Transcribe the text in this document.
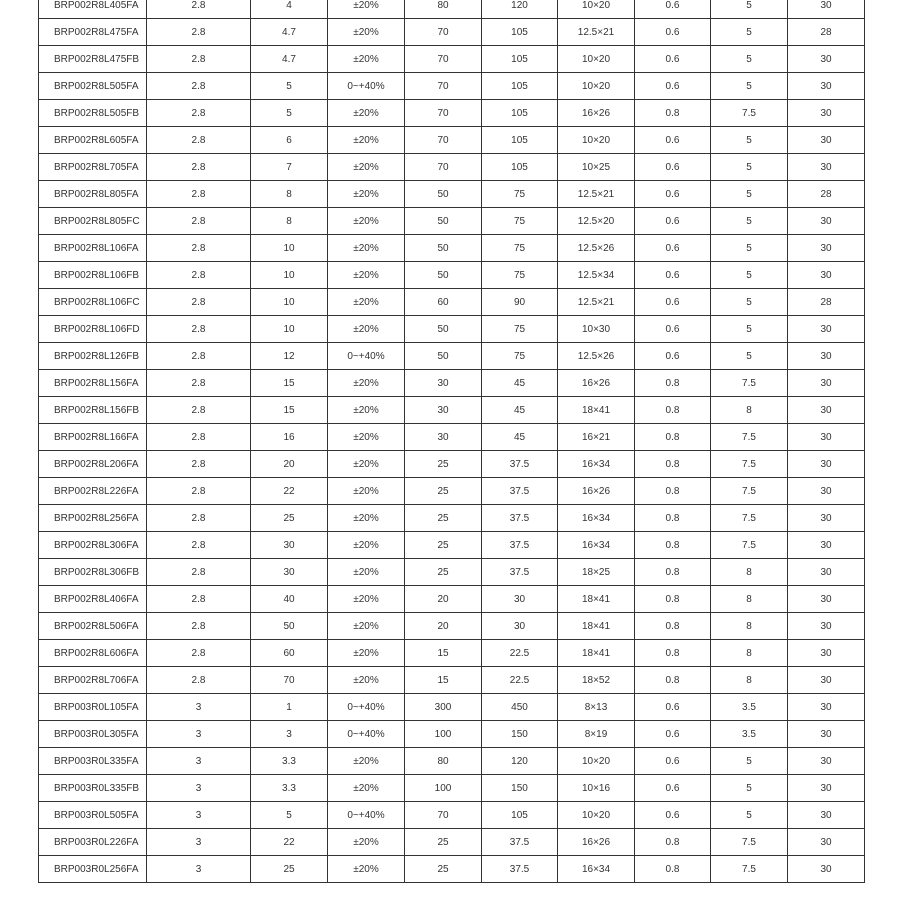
BRP002R8L405FA	2.8	4	±20%	80	120	10×20	0.6	5	30
BRP002R8L475FA	2.8	4.7	±20%	70	105	12.5×21	0.6	5	28
BRP002R8L475FB	2.8	4.7	±20%	70	105	10×20	0.6	5	30
BRP002R8L505FA	2.8	5	0~+40%	70	105	10×20	0.6	5	30
BRP002R8L505FB	2.8	5	±20%	70	105	16×26	0.8	7.5	30
BRP002R8L605FA	2.8	6	±20%	70	105	10×20	0.6	5	30
BRP002R8L705FA	2.8	7	±20%	70	105	10×25	0.6	5	30
BRP002R8L805FA	2.8	8	±20%	50	75	12.5×21	0.6	5	28
BRP002R8L805FC	2.8	8	±20%	50	75	12.5×20	0.6	5	30
BRP002R8L106FA	2.8	10	±20%	50	75	12.5×26	0.6	5	30
BRP002R8L106FB	2.8	10	±20%	50	75	12.5×34	0.6	5	30
BRP002R8L106FC	2.8	10	±20%	60	90	12.5×21	0.6	5	28
BRP002R8L106FD	2.8	10	±20%	50	75	10×30	0.6	5	30
BRP002R8L126FB	2.8	12	0~+40%	50	75	12.5×26	0.6	5	30
BRP002R8L156FA	2.8	15	±20%	30	45	16×26	0.8	7.5	30
BRP002R8L156FB	2.8	15	±20%	30	45	18×41	0.8	8	30
BRP002R8L166FA	2.8	16	±20%	30	45	16×21	0.8	7.5	30
BRP002R8L206FA	2.8	20	±20%	25	37.5	16×34	0.8	7.5	30
BRP002R8L226FA	2.8	22	±20%	25	37.5	16×26	0.8	7.5	30
BRP002R8L256FA	2.8	25	±20%	25	37.5	16×34	0.8	7.5	30
BRP002R8L306FA	2.8	30	±20%	25	37.5	16×34	0.8	7.5	30
BRP002R8L306FB	2.8	30	±20%	25	37.5	18×25	0.8	8	30
BRP002R8L406FA	2.8	40	±20%	20	30	18×41	0.8	8	30
BRP002R8L506FA	2.8	50	±20%	20	30	18×41	0.8	8	30
BRP002R8L606FA	2.8	60	±20%	15	22.5	18×41	0.8	8	30
BRP002R8L706FA	2.8	70	±20%	15	22.5	18×52	0.8	8	30
BRP003R0L105FA	3	1	0~+40%	300	450	8×13	0.6	3.5	30
BRP003R0L305FA	3	3	0~+40%	100	150	8×19	0.6	3.5	30
BRP003R0L335FA	3	3.3	±20%	80	120	10×20	0.6	5	30
BRP003R0L335FB	3	3.3	±20%	100	150	10×16	0.6	5	30
BRP003R0L505FA	3	5	0~+40%	70	105	10×20	0.6	5	30
BRP003R0L226FA	3	22	±20%	25	37.5	16×26	0.8	7.5	30
BRP003R0L256FA	3	25	±20%	25	37.5	16×34	0.8	7.5	30
